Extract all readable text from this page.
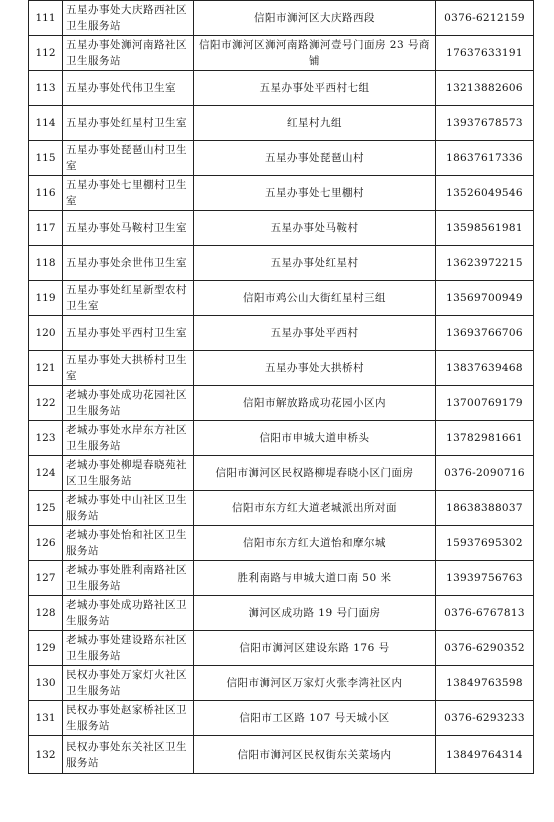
111	五星办事处大庆路西社区卫生服务站	信阳市浉河区大庆路西段	0376-6212159
112	五星办事处浉河南路社区卫生服务站	信阳市浉河区浉河南路浉河壹号门面房 23 号商铺	17637633191
113	五星办事处代伟卫生室	五星办事处平西村七组	13213882606
114	五星办事处红星村卫生室	红星村九组	13937678573
115	五星办事处琵琶山村卫生室	五星办事处琵琶山村	18637617336
116	五星办事处七里棚村卫生室	五星办事处七里棚村	13526049546
117	五星办事处马鞍村卫生室	五星办事处马鞍村	13598561981
118	五星办事处余世伟卫生室	五星办事处红星村	13623972215
119	五星办事处红星新型农村卫生室	信阳市鸡公山大街红星村三组	13569700949
120	五星办事处平西村卫生室	五星办事处平西村	13693766706
121	五星办事处大拱桥村卫生室	五星办事处大拱桥村	13837639468
122	老城办事处成功花园社区卫生服务站	信阳市解放路成功花园小区内	13700769179
123	老城办事处水岸东方社区卫生服务站	信阳市申城大道申桥头	13782981661
124	老城办事处柳堤春晓苑社区卫生服务站	信阳市浉河区民权路柳堤春晓小区门面房	0376-2090716
125	老城办事处中山社区卫生服务站	信阳市东方红大道老城派出所对面	18638388037
126	老城办事处怡和社区卫生服务站	信阳市东方红大道怡和摩尔城	15937695302
127	老城办事处胜利南路社区卫生服务站	胜利南路与申城大道口南 50 米	13939756763
128	老城办事处成功路社区卫生服务站	浉河区成功路 19 号门面房	0376-6767813
129	老城办事处建设路东社区卫生服务站	信阳市浉河区建设东路 176 号	0376-6290352
130	民权办事处万家灯火社区卫生服务站	信阳市浉河区万家灯火张李湾社区内	13849763598
131	民权办事处赵家桥社区卫生服务站	信阳市工区路 107 号天城小区	0376-6293233
132	民权办事处东关社区卫生服务站	信阳市浉河区民权街东关菜场内	13849764314
